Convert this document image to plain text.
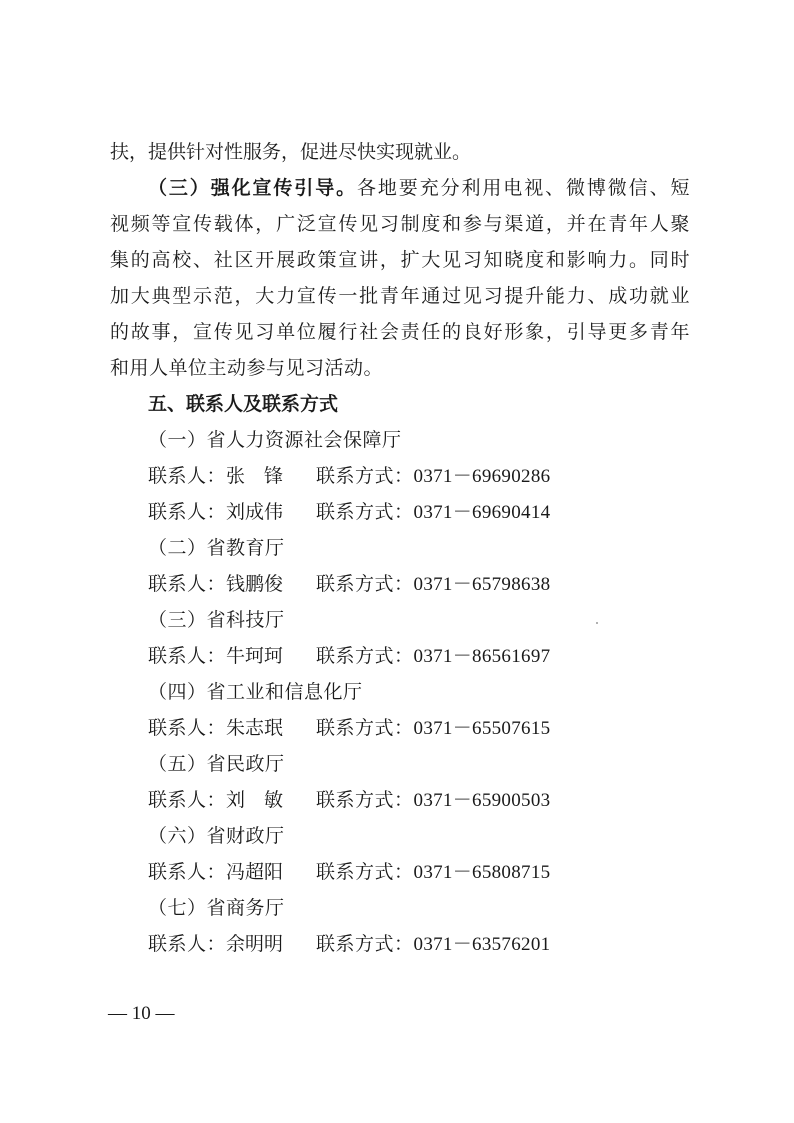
扶，提供针对性服务，促进尽快实现就业。
（三）强化宣传引导。各地要充分利用电视、微博微信、短
视频等宣传载体，广泛宣传见习制度和参与渠道，并在青年人聚
集的高校、社区开展政策宣讲，扩大见习知晓度和影响力。同时
加大典型示范，大力宣传一批青年通过见习提升能力、成功就业
的故事，宣传见习单位履行社会责任的良好形象，引导更多青年
和用人单位主动参与见习活动。
五、联系人及联系方式
（一）省人力资源社会保障厅
联系人：张　锋 联系方式：0371－69690286
联系人：刘成伟 联系方式：0371－69690414
（二）省教育厅
联系人：钱鹏俊 联系方式：0371－65798638
（三）省科技厅
联系人：牛珂珂 联系方式：0371－86561697
（四）省工业和信息化厅
联系人：朱志珉 联系方式：0371－65507615
（五）省民政厅
联系人：刘　敏 联系方式：0371－65900503
（六）省财政厅
联系人：冯超阳 联系方式：0371－65808715
（七）省商务厅
联系人：余明明 联系方式：0371－63576201
— 10 —
